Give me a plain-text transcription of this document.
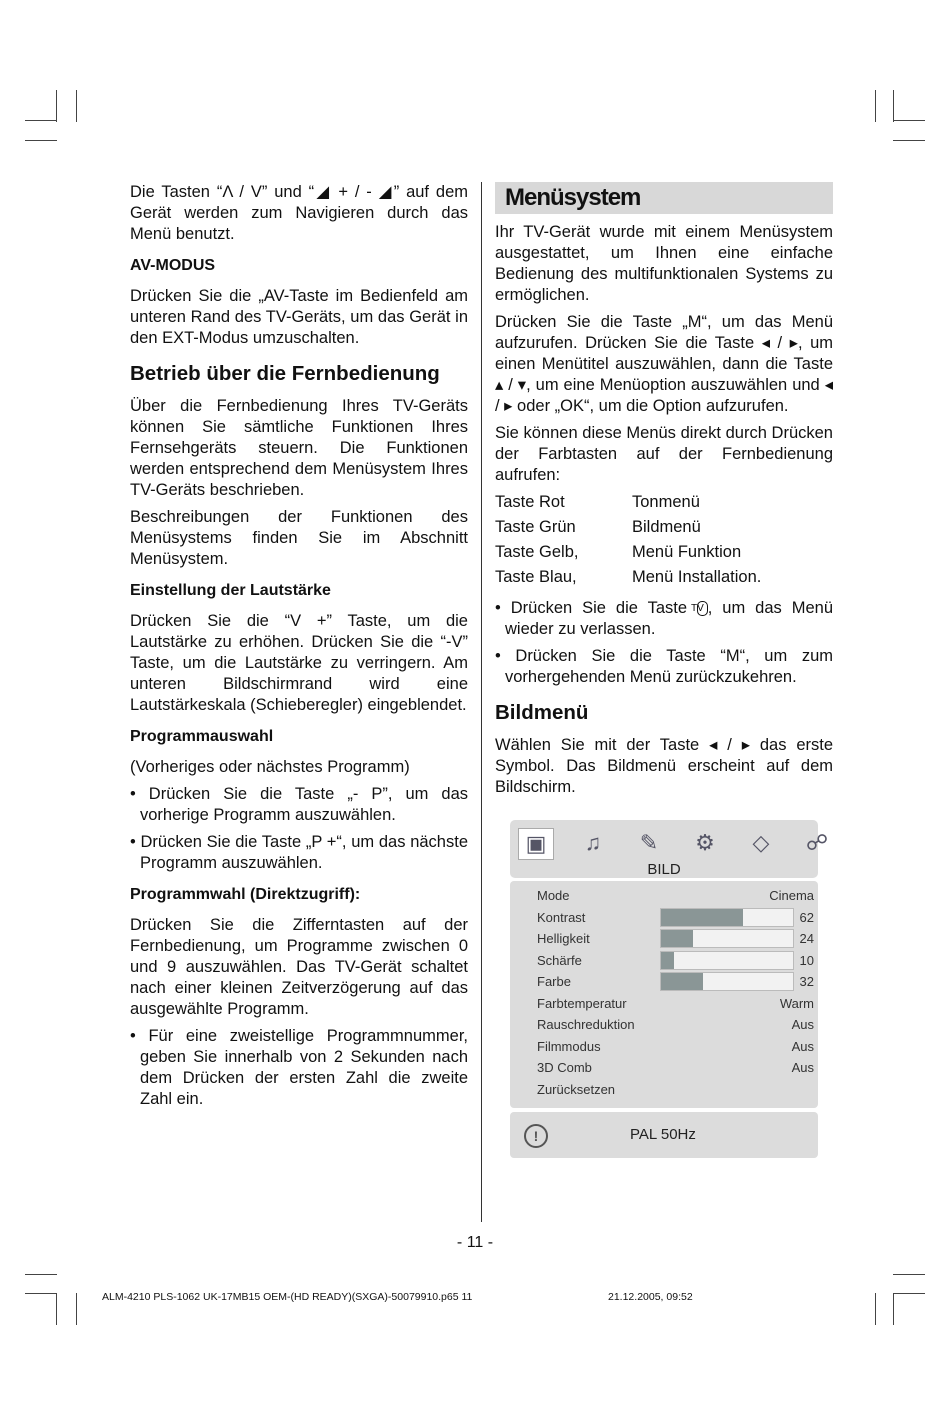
Die Tasten “Λ / V” und “◢ + / - ◢” auf dem Gerät werden zum Navigieren durch das Menü benutzt.

AV-MODUS

Drücken Sie die „AV-Taste im Bedienfeld am unteren Rand des TV-Geräts, um das Gerät in den EXT-Modus umzuschalten.

Betrieb über die Fernbedienung

Über die Fernbedienung Ihres TV-Geräts können Sie sämtliche Funktionen Ihres Fernsehgeräts steuern. Die Funktionen werden entsprechend dem Menüsystem Ihres TV-Geräts beschrieben.

Beschreibungen der Funktionen des Menüsystems finden Sie im Abschnitt Menüsystem.

Einstellung der Lautstärke

Drücken Sie die “V +” Taste, um die Lautstärke zu erhöhen. Drücken Sie die “-V” Taste, um die Lautstärke zu verringern. Am unteren Bildschirmrand wird eine Lautstärkeskala (Schieberegler) eingeblendet.

Programmauswahl

(Vorheriges oder nächstes Programm)

• Drücken Sie die Taste „- P”, um das vorherige Programm auszuwählen.

• Drücken Sie die Taste „P +“, um das nächste Programm auszuwählen.

Programmwahl (Direktzugriff):

Drücken Sie die Zifferntasten auf der Fernbedienung, um Programme zwischen 0 und 9 auszuwählen. Das TV-Gerät schaltet nach einer kleinen Zeitverzögerung auf das ausgewählte Programm.

• Für eine zweistellige Programmnummer, geben Sie innerhalb von 2 Sekunden nach dem Drücken der ersten Zahl die zweite Zahl ein.

Menüsystem

Ihr TV-Gerät wurde mit einem Menüsystem ausgestattet, um Ihnen eine einfache Bedienung des multifunktionalen Systems zu ermöglichen.

Drücken Sie die Taste „M“, um das Menü aufzurufen. Drücken Sie die Taste ◂ / ▸, um einen Menütitel auszuwählen, dann die Taste ▴ / ▾, um eine Menüoption auszuwählen und ◂ / ▸ oder „OK“, um die Option aufzurufen.

Sie können diese Menüs direkt durch Drücken der Farbtasten auf der Fernbedienung aufrufen:

Taste Rot	Tonmenü
Taste Grün	Bildmenü
Taste Gelb,	Menü Funktion
Taste Blau,	Menü Installation.

• Drücken Sie die Taste TV , um das Menü wieder zu verlassen.

• Drücken Sie die Taste “M“, um zum vorhergehenden Menü zurückzukehren.

Bildmenü

Wählen Sie mit der Taste ◂ / ▸ das erste Symbol. Das Bildmenü erscheint auf dem Bildschirm.

▣	♫	✎	⚙	◇	☍
BILD
Mode	Cinema
Kontrast	62
Helligkeit	24
Schärfe	10
Farbe	32
Farbtemperatur	Warm
Rauschreduktion	Aus
Filmmodus	Aus
3D Comb	Aus
Zurücksetzen
!	PAL 50Hz
- 11 -
ALM-4210 PLS-1062 UK-17MB15 OEM-(HD READY)(SXGA)-50079910.p65 11	21.12.2005, 09:52
